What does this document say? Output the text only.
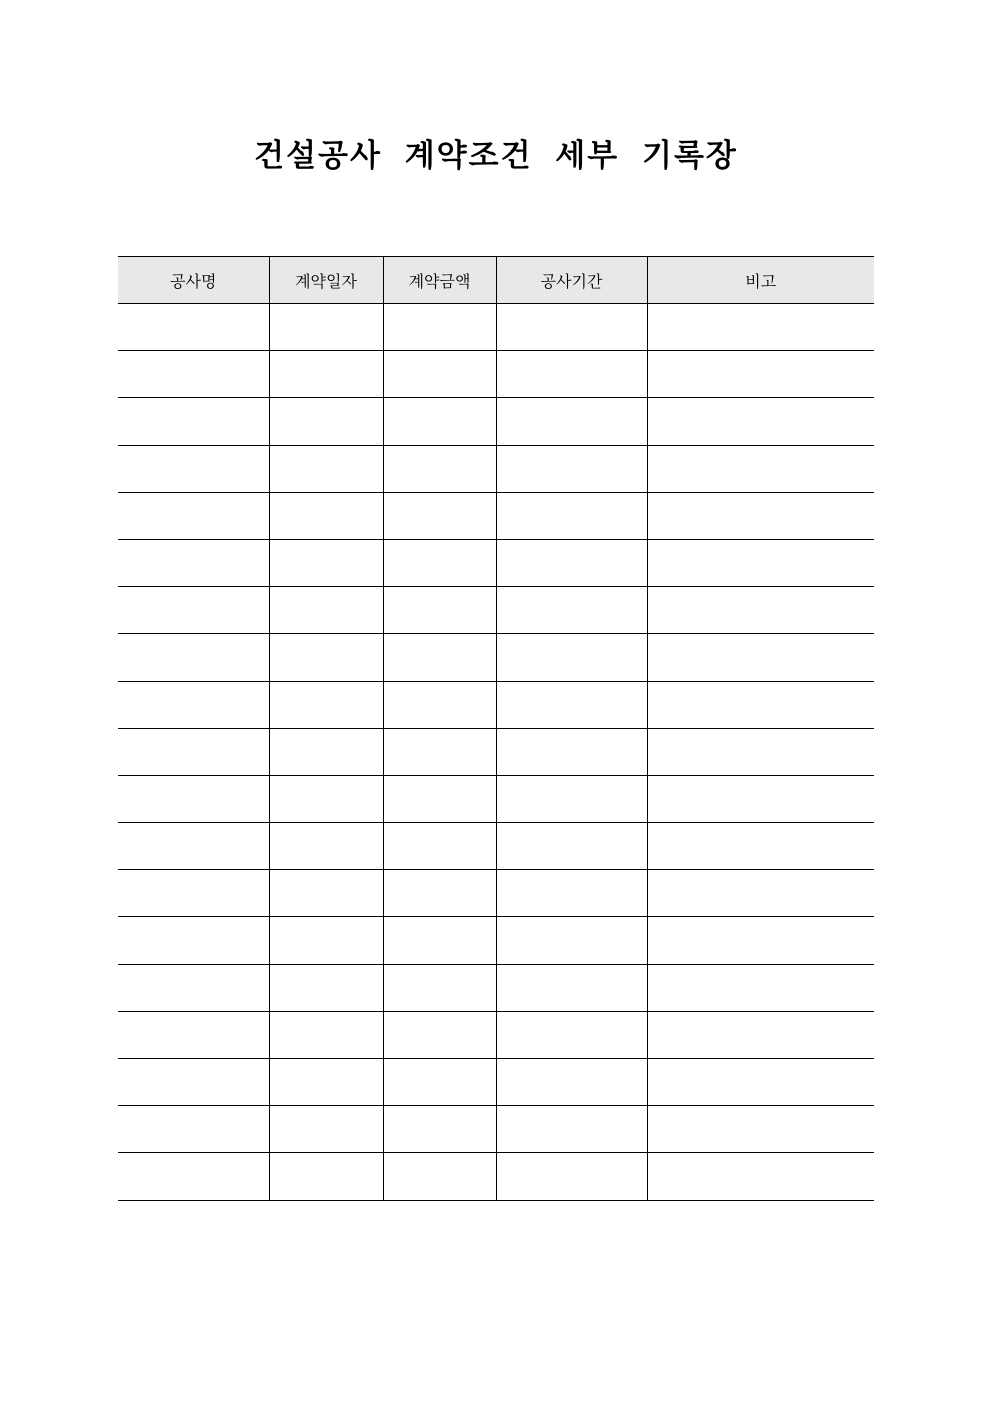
건설공사 계약조건 세부 기록장
공사명	계약일자	계약금액	공사기간	비고
